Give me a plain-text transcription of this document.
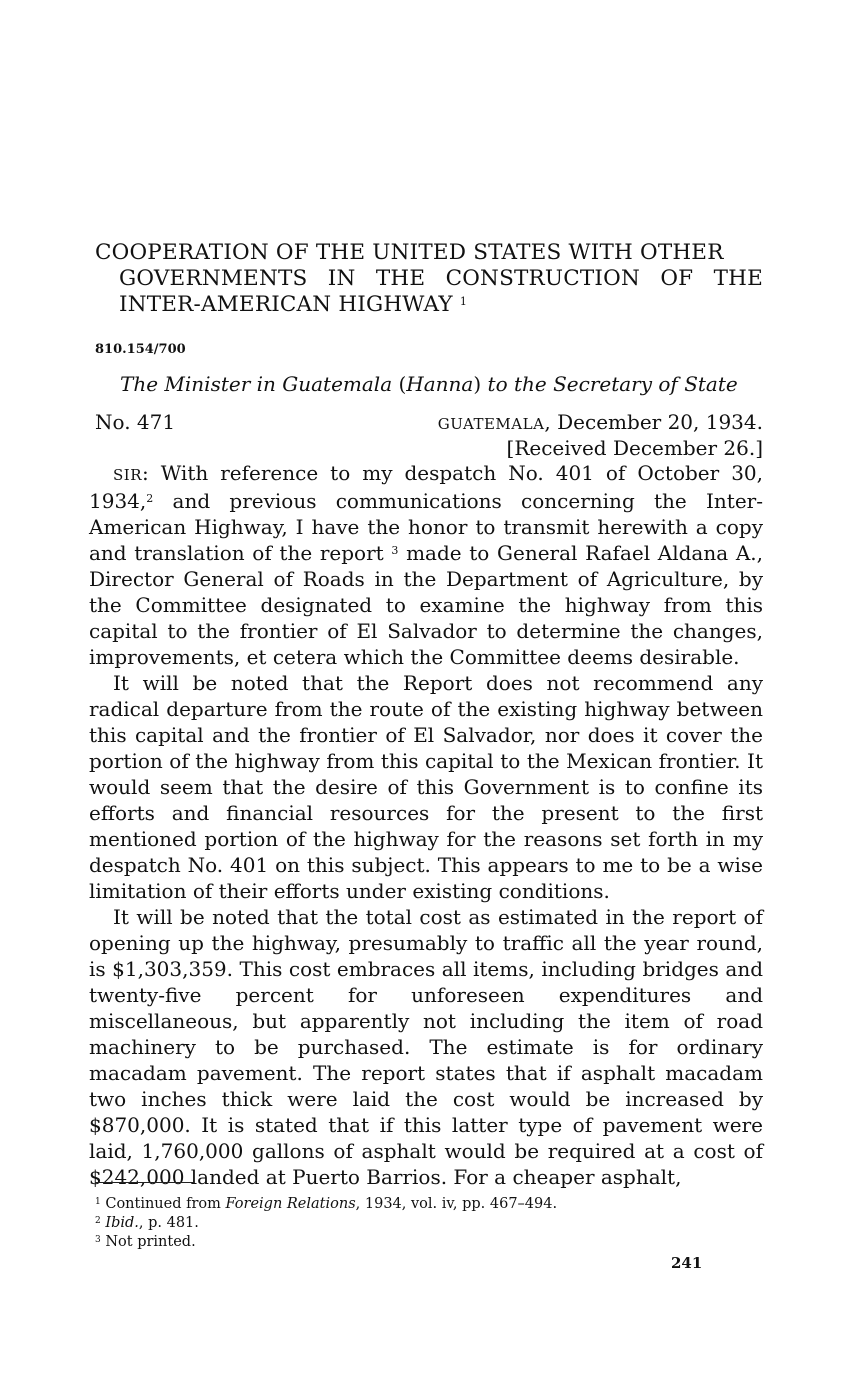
COOPERATION OF THE UNITED STATES WITH OTHER
GOVERNMENTS IN THE CONSTRUCTION OF THE
INTER-AMERICAN HIGHWAY $^1$
810.154/700
The Minister in Guatemala (Hanna) to the Secretary of State
No. 471	GUATEMALA, December 20, 1934.
[Received December 26.]

SIR: With reference to my despatch No. 401 of October 30, 1934,$^2$ and previous communications concerning the Inter-American Highway, I have the honor to transmit herewith a copy and translation of the report $^3$ made to General Rafael Aldana A., Director General of Roads in the Department of Agriculture, by the Committee designated to examine the highway from this capital to the frontier of El Salvador to determine the changes, improvements, et cetera which the Committee deems desirable.

It will be noted that the Report does not recommend any radical departure from the route of the existing highway between this capital and the frontier of El Salvador, nor does it cover the portion of the highway from this capital to the Mexican frontier. It would seem that the desire of this Government is to confine its efforts and financial resources for the present to the first mentioned portion of the highway for the reasons set forth in my despatch No. 401 on this subject. This appears to me to be a wise limitation of their efforts under existing conditions.

It will be noted that the total cost as estimated in the report of opening up the highway, presumably to traffic all the year round, is $1,303,359. This cost embraces all items, including bridges and twenty-five percent for unforeseen expenditures and miscellaneous, but apparently not including the item of road machinery to be purchased. The estimate is for ordinary macadam pavement. The report states that if asphalt macadam two inches thick were laid the cost would be increased by $870,000. It is stated that if this latter type of pavement were laid, 1,760,000 gallons of asphalt would be required at a cost of $242,000 landed at Puerto Barrios. For a cheaper asphalt,

$^1$ Continued from Foreign Relations, 1934, vol. iv, pp. 467–494.
$^2$ Ibid., p. 481.
$^3$ Not printed.
241
